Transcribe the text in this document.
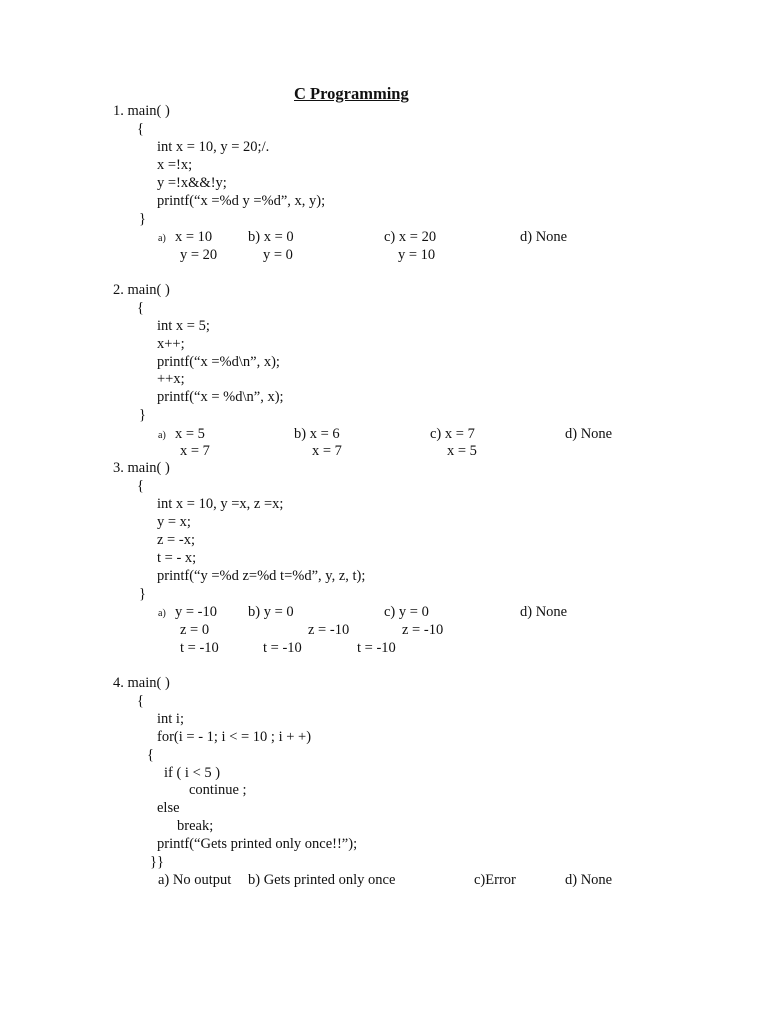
C Programming
1. main( )
{
int x = 10, y = 20;/.
x =!x;
y =!x&&!y;
printf(“x =%d y =%d”, x, y);
}
a) x = 10
y = 20
b) x = 0
y = 0
c) x = 20
y = 10
d) None
2. main( )
{
int x = 5;
x++;
printf(“x =%d\n”, x);
++x;
printf(“x = %d\n”, x);
}
a) x = 5
x = 7
b) x = 6
x = 7
c) x = 7
x = 5
d) None
3. main( )
{
int x = 10, y =x, z =x;
y = x;
z = -x;
t = - x;
printf(“y =%d z=%d t=%d”, y, z, t);
}
a) y = -10
z = 0
t = -10
b) y = 0
z = -10
t = -10
c) y = 0
z = -10
t = -10
d) None
4. main( )
{
int i;
for(i = - 1; i < = 10 ; i + +)
{
if ( i < 5 )
continue ;
else
break;
printf(“Gets printed only once!!”);
}}
a) No output b) Gets printed only once	c)Error	d) None
